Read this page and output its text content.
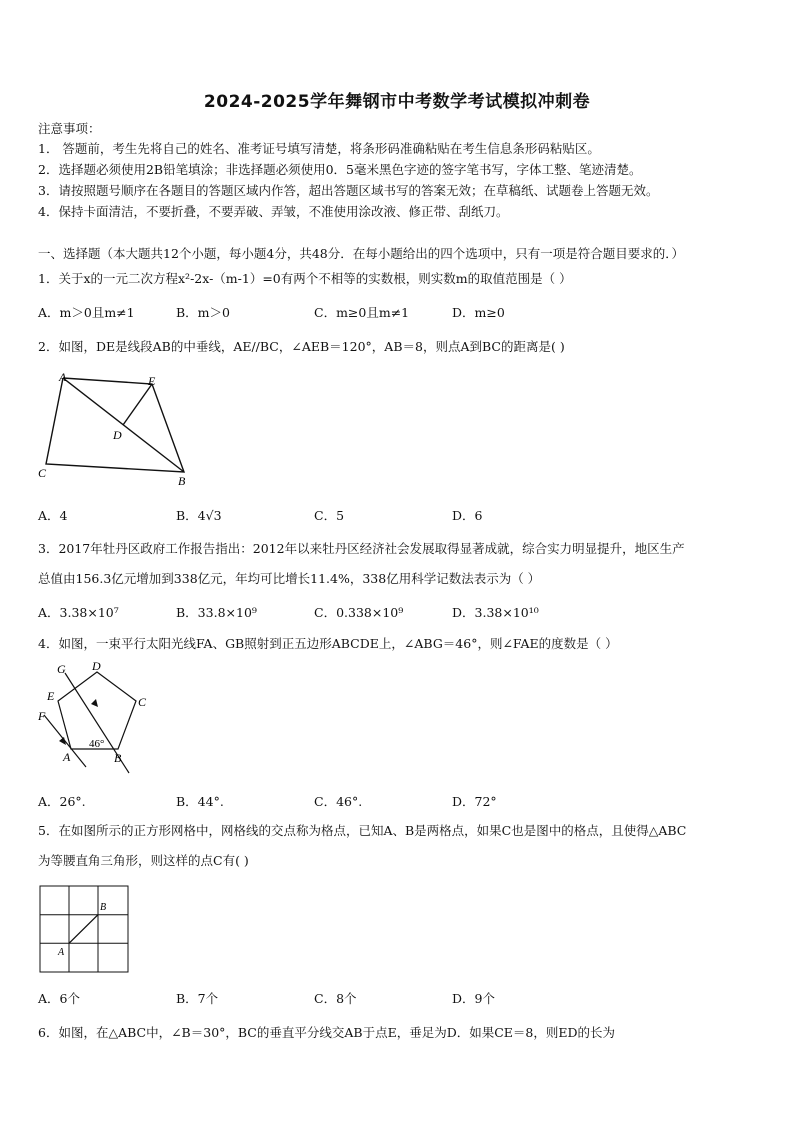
2024-2025学年舞钢市中考数学考试模拟冲刺卷
注意事项：
1． 答题前，考生先将自己的姓名、准考证号填写清楚，将条形码准确粘贴在考生信息条形码粘贴区。
2．选择题必须使用2B铅笔填涂；非选择题必须使用0．5毫米黑色字迹的签字笔书写，字体工整、笔迹清楚。
3．请按照题号顺序在各题目的答题区域内作答，超出答题区域书写的答案无效；在草稿纸、试题卷上答题无效。
4．保持卡面清洁，不要折叠，不要弄破、弄皱，不准使用涂改液、修正带、刮纸刀。
一、选择题（本大题共12个小题，每小题4分，共48分．在每小题给出的四个选项中，只有一项是符合题目要求的．）
1．关于x的一元二次方程x²-2x-（m-1）=0有两个不相等的实数根，则实数m的取值范围是（ ）
A．m＞0且m≠1	B．m＞0	C．m≥0且m≠1	D．m≥0
2．如图，DE是线段AB的中垂线，AE//BC，∠AEB＝120°，AB＝8，则点A到BC的距离是( )
A	E
D
C
B
A．4	B．4√3	C．5	D．6
3．2017年牡丹区政府工作报告指出：2012年以来牡丹区经济社会发展取得显著成就，综合实力明显提升，地区生产
总值由156.3亿元增加到338亿元，年均可比增长11.4%，338亿用科学记数法表示为（ ）
A．3.38×10⁷	B．33.8×10⁹	C．0.338×10⁹	D．3.38×10¹⁰
4．如图，一束平行太阳光线FA、GB照射到正五边形ABCDE上，∠ABG＝46°，则∠FAE的度数是（ ）
G D
E	C
F
46°
A	B
A．26°.	B．44°.	C．46°.	D．72°
5．在如图所示的正方形网格中，网格线的交点称为格点，已知A、B是两格点，如果C也是图中的格点，且使得△ABC
为等腰直角三角形，则这样的点C有( )
B
A
A．6个	B．7个	C．8个	D．9个
6．如图，在△ABC中，∠B＝30°，BC的垂直平分线交AB于点E，垂足为D．如果CE＝8，则ED的长为
